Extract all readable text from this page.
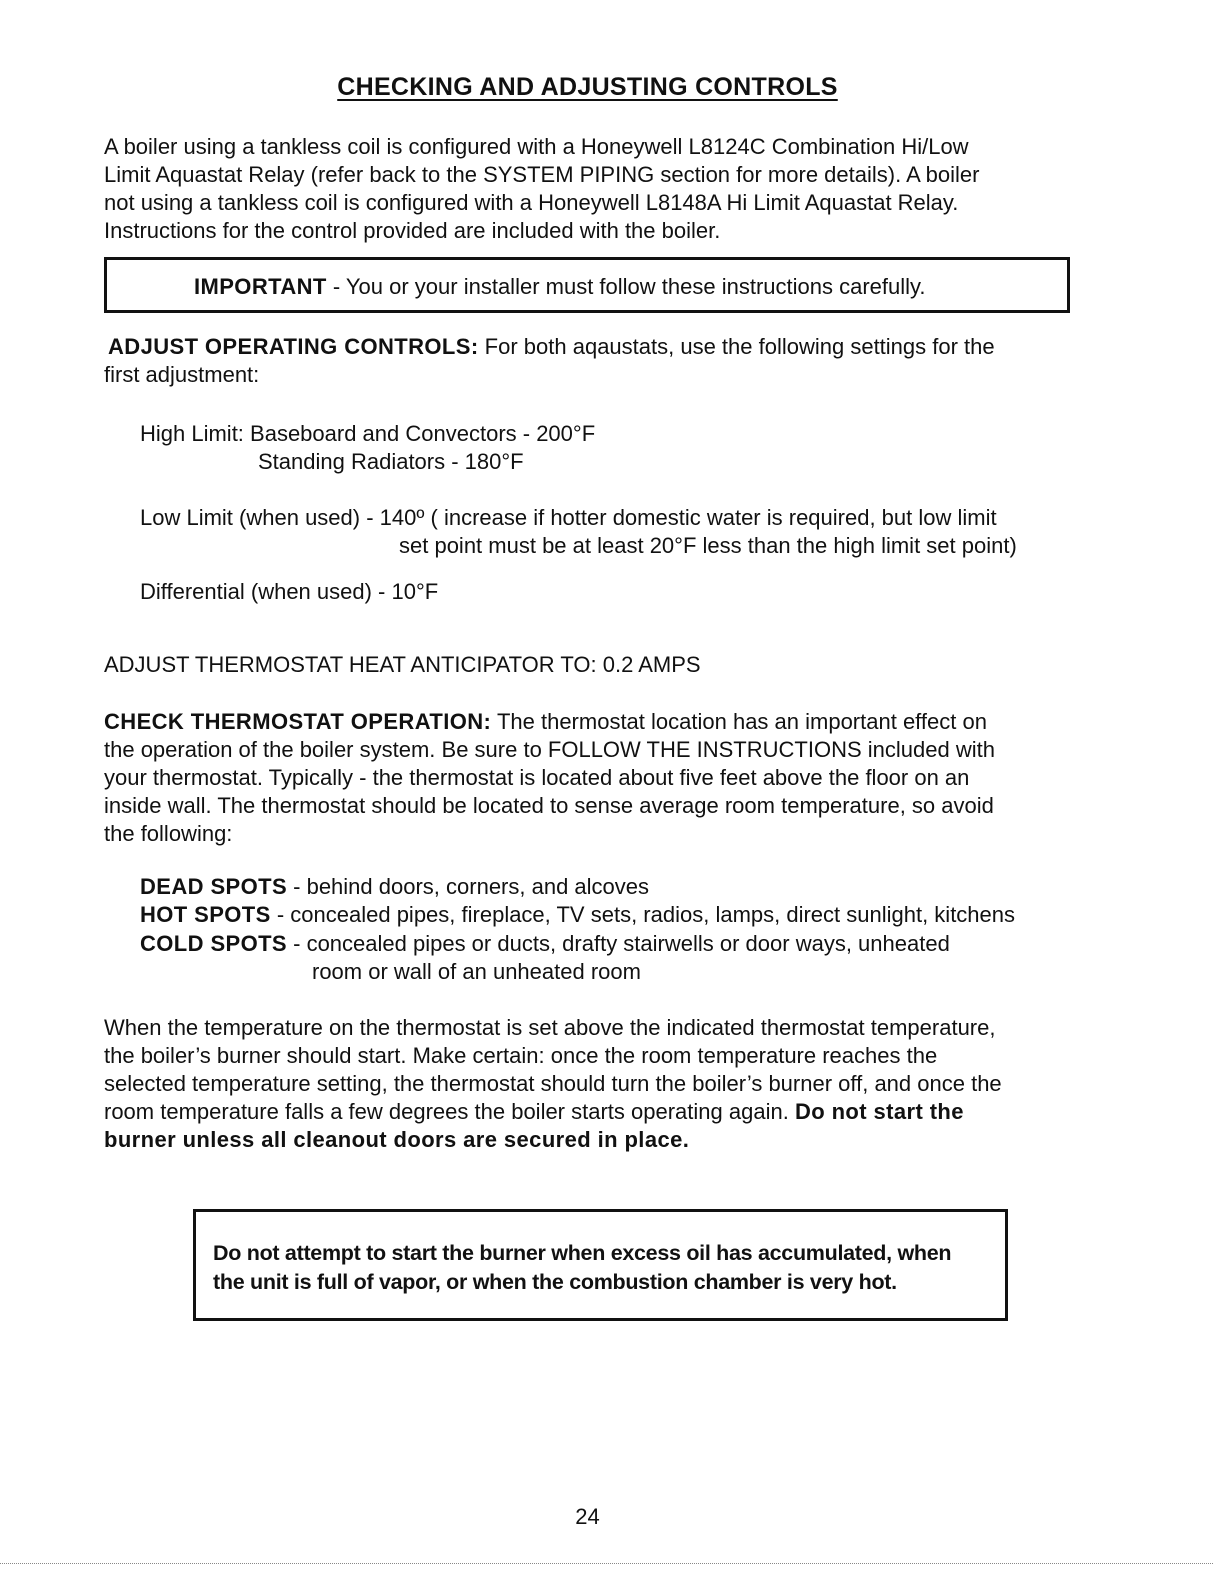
CHECKING AND ADJUSTING CONTROLS
A boiler using a tankless coil is configured with a Honeywell L8124C Combination Hi/Low
Limit Aquastat Relay (refer back to the SYSTEM PIPING section for more details). A boiler
not using a tankless coil is configured with a Honeywell L8148A Hi Limit Aquastat Relay.
Instructions for the control provided are included with the boiler.
IMPORTANT - You or your installer must follow these instructions carefully.
ADJUST OPERATING CONTROLS: For both aqaustats, use the following settings for the
first adjustment:
High Limit: Baseboard and Convectors - 200°F
Standing Radiators - 180°F
Low Limit (when used) - 140º ( increase if hotter domestic water is required, but low limit
set point must be at least 20°F less than the high limit set point)
Differential (when used) - 10°F
ADJUST THERMOSTAT HEAT ANTICIPATOR TO: 0.2 AMPS
CHECK THERMOSTAT OPERATION: The thermostat location has an important effect on
the operation of the boiler system. Be sure to FOLLOW THE INSTRUCTIONS included with
your thermostat. Typically - the thermostat is located about five feet above the floor on an
inside wall. The thermostat should be located to sense average room temperature, so avoid
the following:
DEAD SPOTS - behind doors, corners, and alcoves
HOT SPOTS - concealed pipes, fireplace, TV sets, radios, lamps, direct sunlight, kitchens
COLD SPOTS - concealed pipes or ducts, drafty stairwells or door ways, unheated
room or wall of an unheated room
When the temperature on the thermostat is set above the indicated thermostat temperature,
the boiler’s burner should start. Make certain: once the room temperature reaches the
selected temperature setting, the thermostat should turn the boiler’s burner off, and once the
room temperature falls a few degrees the boiler starts operating again. Do not start the
burner unless all cleanout doors are secured in place.
Do not attempt to start the burner when excess oil has accumulated, when
the unit is full of vapor, or when the combustion chamber is very hot.
24
